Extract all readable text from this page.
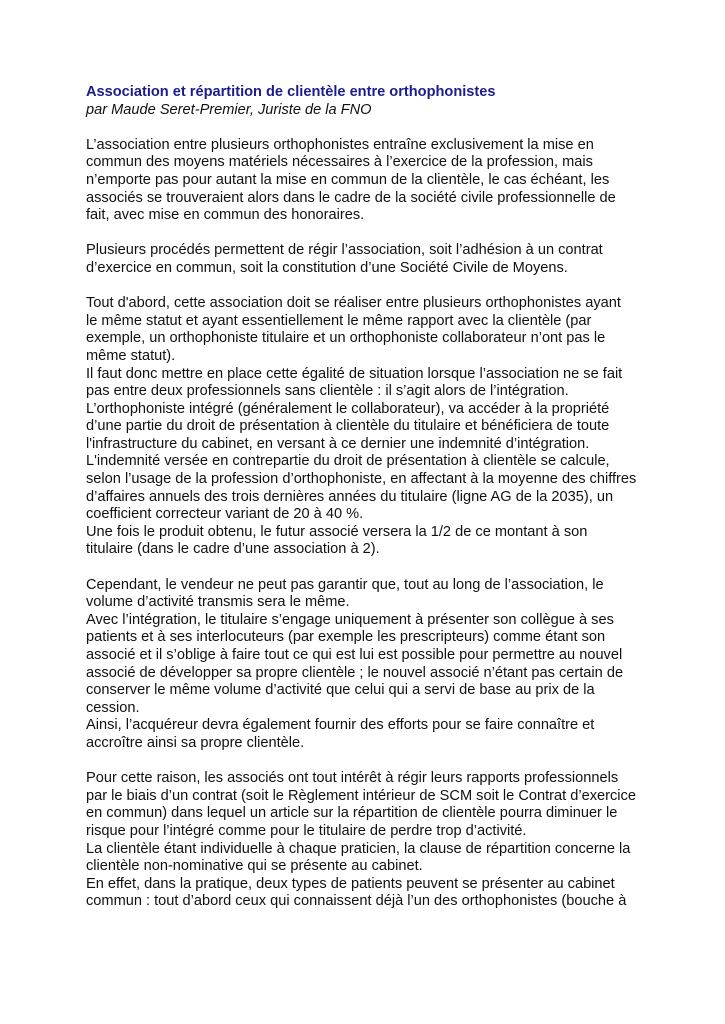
Association et répartition de clientèle entre orthophonistes
par Maude Seret-Premier, Juriste de la FNO
L’association entre plusieurs orthophonistes entraîne exclusivement la mise en
commun des moyens matériels nécessaires à l’exercice de la profession, mais
n’emporte pas pour autant la mise en commun de la clientèle, le cas échéant, les
associés se trouveraient alors dans le cadre de la société civile professionnelle de
fait, avec mise en commun des honoraires.
Plusieurs procédés permettent de régir l’association, soit l’adhésion à un contrat
d’exercice en commun, soit la constitution d’une Société Civile de Moyens.
Tout d'abord, cette association doit se réaliser entre plusieurs orthophonistes ayant
le même statut et ayant essentiellement le même rapport avec la clientèle (par
exemple, un orthophoniste titulaire et un orthophoniste collaborateur n’ont pas le
même statut).
Il faut donc mettre en place cette égalité de situation lorsque l’association ne se fait
pas entre deux professionnels sans clientèle : il s’agit alors de l’intégration.
L’orthophoniste intégré (généralement le collaborateur), va accéder à la propriété
d’une partie du droit de présentation à clientèle du titulaire et bénéficiera de toute
l'infrastructure du cabinet, en versant à ce dernier une indemnité d’intégration.
L'indemnité versée en contrepartie du droit de présentation à clientèle se calcule,
selon l’usage de la profession d’orthophoniste, en affectant à la moyenne des chiffres
d’affaires annuels des trois dernières années du titulaire (ligne AG de la 2035), un
coefficient correcteur variant de 20 à 40 %.
Une fois le produit obtenu, le futur associé versera la 1/2 de ce montant à son
titulaire (dans le cadre d’une association à 2).
Cependant, le vendeur ne peut pas garantir que, tout au long de l’association, le
volume d’activité transmis sera le même.
Avec l’intégration, le titulaire s’engage uniquement à présenter son collègue à ses
patients et à ses interlocuteurs (par exemple les prescripteurs) comme étant son
associé et il s’oblige à faire tout ce qui est lui est possible pour permettre au nouvel
associé de développer sa propre clientèle ; le nouvel associé n’étant pas certain de
conserver le même volume d’activité que celui qui a servi de base au prix de la
cession.
Ainsi, l’acquéreur devra également fournir des efforts pour se faire connaître et
accroître ainsi sa propre clientèle.
Pour cette raison, les associés ont tout intérêt à régir leurs rapports professionnels
par le biais d’un contrat (soit le Règlement intérieur de SCM soit le Contrat d’exercice
en commun) dans lequel un article sur la répartition de clientèle pourra diminuer le
risque pour l’intégré comme pour le titulaire de perdre trop d’activité.
La clientèle étant individuelle à chaque praticien, la clause de répartition concerne la
clientèle non-nominative qui se présente au cabinet.
En effet, dans la pratique, deux types de patients peuvent se présenter au cabinet
commun : tout d’abord ceux qui connaissent déjà l’un des orthophonistes (bouche à
